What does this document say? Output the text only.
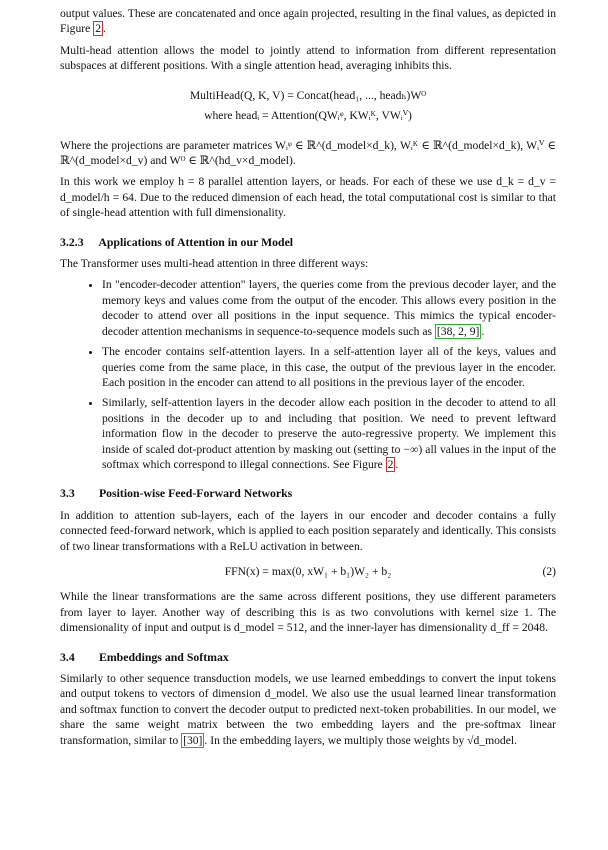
output values. These are concatenated and once again projected, resulting in the final values, as depicted in Figure 2 .

Multi-head attention allows the model to jointly attend to information from different representation subspaces at different positions. With a single attention head, averaging inhibits this.

MultiHead(Q, K, V) = Concat(head₁, ..., headₕ)Wᴼ
where headᵢ = Attention(QWᵢᵠ, KWᵢᴷ, VWᵢⱽ)

Where the projections are parameter matrices Wᵢᵠ ∈ ℝ^(d_model×d_k), Wᵢᴷ ∈ ℝ^(d_model×d_k), Wᵢⱽ ∈ ℝ^(d_model×d_v) and Wᴼ ∈ ℝ^(hd_v×d_model).

In this work we employ h = 8 parallel attention layers, or heads. For each of these we use d_k = d_v = d_model/h = 64. Due to the reduced dimension of each head, the total computational cost is similar to that of single-head attention with full dimensionality.

3.2.3 Applications of Attention in our Model

The Transformer uses multi-head attention in three different ways:

• In "encoder-decoder attention" layers, the queries come from the previous decoder layer, and the memory keys and values come from the output of the encoder. This allows every position in the decoder to attend over all positions in the input sequence. This mimics the typical encoder-decoder attention mechanisms in sequence-to-sequence models such as [38, 2, 9] .
• The encoder contains self-attention layers. In a self-attention layer all of the keys, values and queries come from the same place, in this case, the output of the previous layer in the encoder. Each position in the encoder can attend to all positions in the previous layer of the encoder.
• Similarly, self-attention layers in the decoder allow each position in the decoder to attend to all positions in the decoder up to and including that position. We need to prevent leftward information flow in the decoder to preserve the auto-regressive property. We implement this inside of scaled dot-product attention by masking out (setting to −∞) all values in the input of the softmax which correspond to illegal connections. See Figure 2 .
3.3 Position-wise Feed-Forward Networks

In addition to attention sub-layers, each of the layers in our encoder and decoder contains a fully connected feed-forward network, which is applied to each position separately and identically. This consists of two linear transformations with a ReLU activation in between.

FFN(x) = max(0, xW₁ + b₁)W₂ + b₂	(2)

While the linear transformations are the same across different positions, they use different parameters from layer to layer. Another way of describing this is as two convolutions with kernel size 1. The dimensionality of input and output is d_model = 512, and the inner-layer has dimensionality d_ff = 2048.

3.4 Embeddings and Softmax

Similarly to other sequence transduction models, we use learned embeddings to convert the input tokens and output tokens to vectors of dimension d_model. We also use the usual learned linear transformation and softmax function to convert the decoder output to predicted next-token probabilities. In our model, we share the same weight matrix between the two embedding layers and the pre-softmax linear transformation, similar to [30] . In the embedding layers, we multiply those weights by √d_model.
